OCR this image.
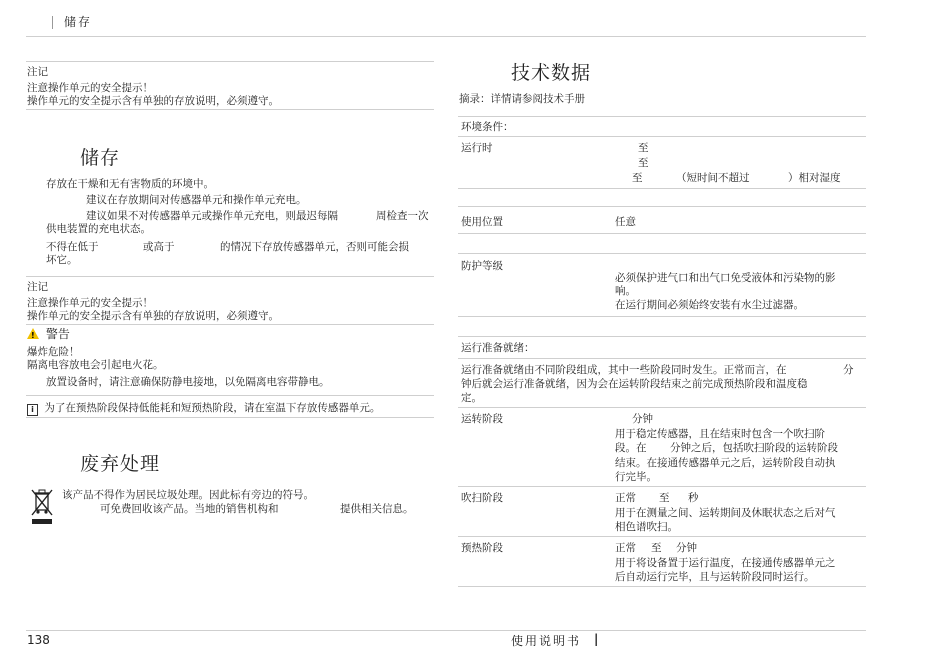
储存
注记
注意操作单元的安全提示！
操作单元的安全提示含有单独的存放说明，必须遵守。
储存
存放在干燥和无有害物质的环境中。
建议在存放期间对传感器单元和操作单元充电。
建议如果不对传感器单元或操作单元充电，则最迟每隔	周检查一次
供电装置的充电状态。
不得在低于	或高于	的情况下存放传感器单元，否则可能会损
坏它。
注记
注意操作单元的安全提示！
操作单元的安全提示含有单独的存放说明，必须遵守。
! 警告
爆炸危险！
隔离电容放电会引起电火花。
放置设备时，请注意确保防静电接地，以免隔离电容带静电。
i 为了在预热阶段保持低能耗和短预热阶段，请在室温下存放传感器单元。
废弃处理
该产品不得作为居民垃圾处理。因此标有旁边的符号。
可免费回收该产品。当地的销售机构和	提供相关信息。
技术数据
摘录：详情请参阅技术手册
环境条件：
运行时	至
至
至	（短时间不超过	）相对湿度
使用位置	任意
防护等级
必须保护进气口和出气口免受液体和污染物的影
响。
在运行期间必须始终安装有水尘过滤器。
运行准备就绪：
运行准备就绪由不同阶段组成，其中一些阶段同时发生。正常而言，在	分
钟后就会运行准备就绪，因为会在运转阶段结束之前完成预热阶段和温度稳
定。
运转阶段	分钟
用于稳定传感器，且在结束时包含一个吹扫阶
段。在 分钟之后，包括吹扫阶段的运转阶段
结束。在接通传感器单元之后，运转阶段自动执
行完毕。
吹扫阶段	正常 至 秒
用于在测量之间、运转期间及休眠状态之后对气
相色谱吹扫。
预热阶段	正常 至 分钟
用于将设备置于运行温度，在接通传感器单元之
后自动运行完毕，且与运转阶段同时运行。
138	使用说明书 |
